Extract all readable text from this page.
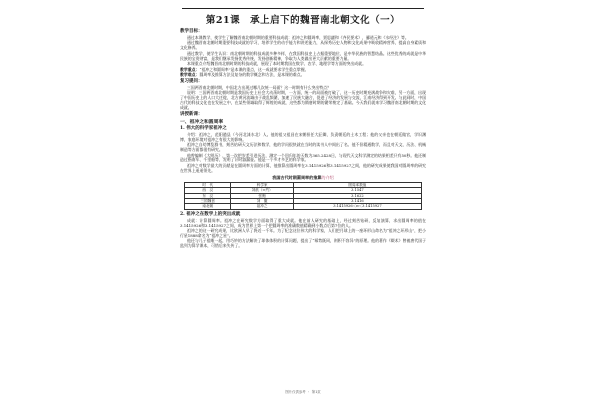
第21课　承上启下的魏晋南北朝文化（一）
教学目标：
通过本课教学，使学生了解魏晋南北朝时期的重要科技成就：祖冲之和圆周率，贾思勰和《齐民要术》，郦道元和《水经注》等。
通过魏晋南北朝时期重要科技成就的学习，培养学生的动手能力和讲述能力，从探秀历史人物和文化成果中吸收精神营养，提高自身素质和文化修养。
通过教学，使学生认识：南北朝时期的科技成就多种多样，在我国科技史上占据重要地位，是中华民族的智慧结晶。这些优秀的成就是中华民族的宝贵财富，是我们继承发扬优秀传统，发扬创新精神，争取为人类做出更大贡献的重要力量。
本课重点介绍魏晋南北朝时期的科技成就，展现了本时期我国在数学、农学、地理学等方面的突出成就。
教学重点：“祖冲之和圆周率”是本课的重点，这一成就要求学生重点掌握。
教学难点：圆周率及推算方法及复杂的数学概念和方法，是本课的难点。
复习提问：
三国两晋南北朝时期，中国北方出现过哪几次统一局面？这一时期有什么突出特点？
说明：三国两晋南北朝时期是我国历史上社会大动荡时期，一方面，统一的局面被打破了，这一历史时期充满战争和灾难，另一方面，出现了中国历史上的人口大迁徙，北方黄河流域由于战乱频繁，加速了民族大融合，促进了经济的发展与交流，江南经济得到开发。与此同时，中国古代的科技文化也在发展之中，在某些领域取得了辉煌的成就，这些都为隋唐时期的繁荣奠定了基础。今天我们就来学习魏晋南北朝时期的文化成就。
讲授新课：
一、祖冲之和圆周率
1. 伟大的科学家祖冲之
介绍：祖冲之，范阳遒县（今河北涞水北）人。他的祖父祖昌在宋朝担任大匠卿，负责朝廷的土木工程；他的父亲也在朝廷做官，学识渊博，家庭环境对祖冲之有很大的影响。
祖冲之自幼博览群书，刻苦钻研天文历法和数学，他的学问很快就在当时的读书人中间出了名。他不但精通数学，而且对天文、历法、机械制造等方面都很有研究。
他曾编制《大明历》，第一次把岁差引进历法，测定一个回归年的天数为365.2428日，与现代天文科学测定的结果相差只有50秒。他还制造过指南车、千里船等，发明了计时器漏壶。他是一个多才多艺的科学家。
祖冲之对数学最大的贡献是在圆周率方面的计算，他推算出圆周率在3.1415926和3.1415927之间，他的研究成果使我国对圆周率的研究在世界上遥遥领先。
我国古代时期圆周率的推算的介绍
时　代	科学家	圆周率数值
西　汉	刘歆（≈约）	3.1547
东　汉	张衡	3.1622
三国魏晋	刘　徽	3.1416
南北朝	祖冲之	3.1415926＜π＜3.1415927
2. 祖冲之在数学上的突出成就
成就：计算圆周率。祖冲之在研究数学方面取得了重大成就。他在前人研究的基础上，经过刻苦钻研，反复演算，求出圆周率的值在3.1415926和3.1415927之间，成为世界上第一个把圆周率的准确数值精确到小数点后第7位的人。
祖冲之的这一研究成果，比欧洲人早了将近一千年。为了纪念这位伟大的科学家，人们把月球上的一座环形山命名为“祖冲之环形山”，把小行星1888命名为“祖冲之星”。
他还与儿子祖暅一起，用巧妙的方法解决了球体体积的计算问题，提出了“幂势既同，则积不容异”的原理。他的著作《缀术》曾被唐代国子监列为算学课本，可惜后来失传了。
图片仅供参考 · 第1页
